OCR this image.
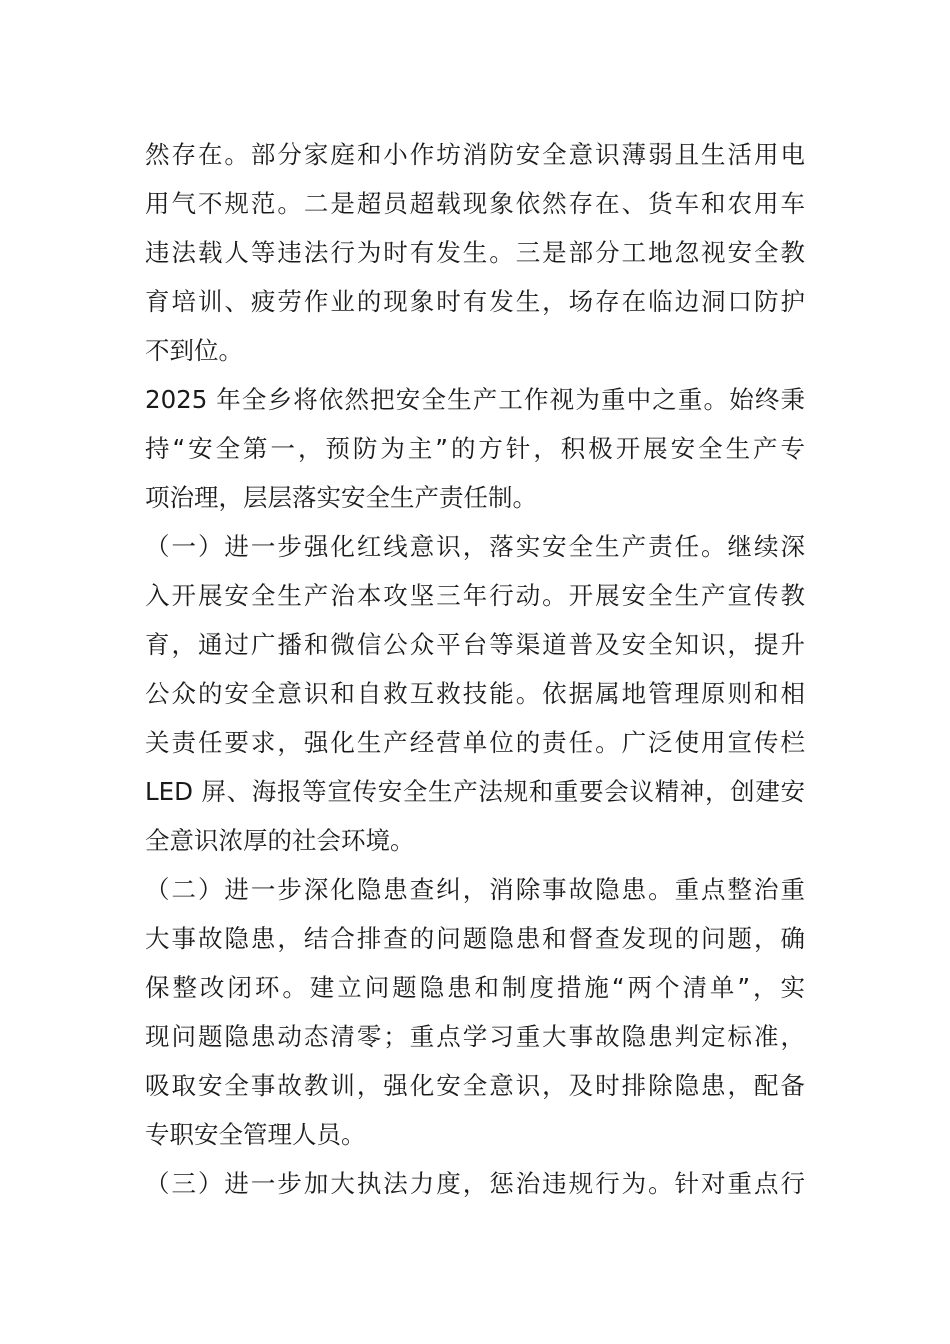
然存在。部分家庭和小作坊消防安全意识薄弱且生活用电
用气不规范。二是超员超载现象依然存在、货车和农用车
违法载人等违法行为时有发生。三是部分工地忽视安全教
育培训、疲劳作业的现象时有发生，场存在临边洞口防护
不到位。
2025 年全乡将依然把安全生产工作视为重中之重。始终秉
持“安全第一，预防为主”的方针，积极开展安全生产专
项治理，层层落实安全生产责任制。
（一）进一步强化红线意识，落实安全生产责任。继续深
入开展安全生产治本攻坚三年行动。开展安全生产宣传教
育，通过广播和微信公众平台等渠道普及安全知识，提升
公众的安全意识和自救互救技能。依据属地管理原则和相
关责任要求，强化生产经营单位的责任。广泛使用宣传栏
LED 屏、海报等宣传安全生产法规和重要会议精神，创建安
全意识浓厚的社会环境。
（二）进一步深化隐患查纠，消除事故隐患。重点整治重
大事故隐患，结合排查的问题隐患和督查发现的问题，确
保整改闭环。建立问题隐患和制度措施“两个清单”，实
现问题隐患动态清零；重点学习重大事故隐患判定标准，
吸取安全事故教训，强化安全意识，及时排除隐患，配备
专职安全管理人员。
（三）进一步加大执法力度，惩治违规行为。针对重点行
